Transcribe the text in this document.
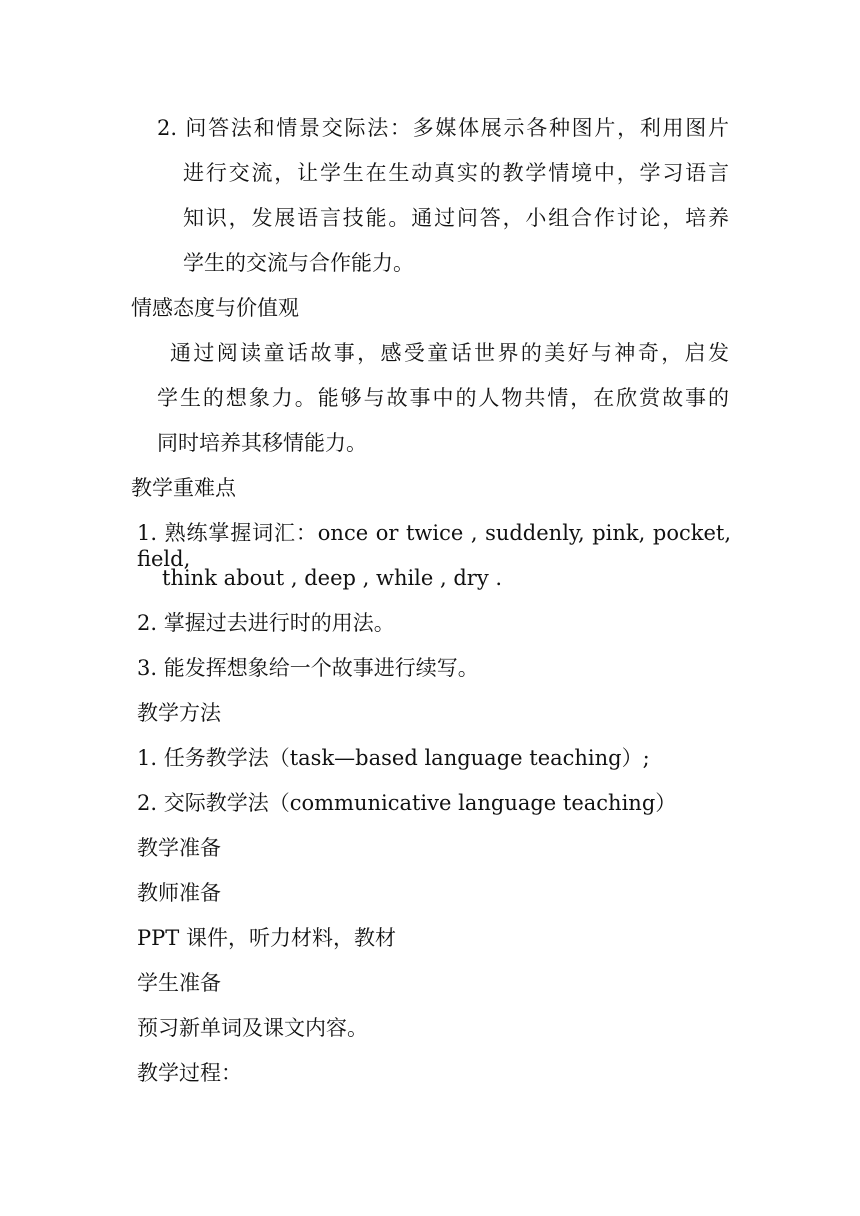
2. 问答法和情景交际法：多媒体展示各种图片，利用图片
进行交流，让学生在生动真实的教学情境中，学习语言
知识，发展语言技能。通过问答，小组合作讨论，培养
学生的交流与合作能力。
情感态度与价值观
通过阅读童话故事，感受童话世界的美好与神奇，启发
学生的想象力。能够与故事中的人物共情，在欣赏故事的
同时培养其移情能力。
教学重难点
1. 熟练掌握词汇：once or twice , suddenly, pink, pocket, field,
think about , deep , while , dry .
2. 掌握过去进行时的用法。
3. 能发挥想象给一个故事进行续写。
教学方法
1. 任务教学法（task—based language teaching）;
2. 交际教学法（communicative language teaching）
教学准备
教师准备
PPT 课件，听力材料，教材
学生准备
预习新单词及课文内容。
教学过程：
